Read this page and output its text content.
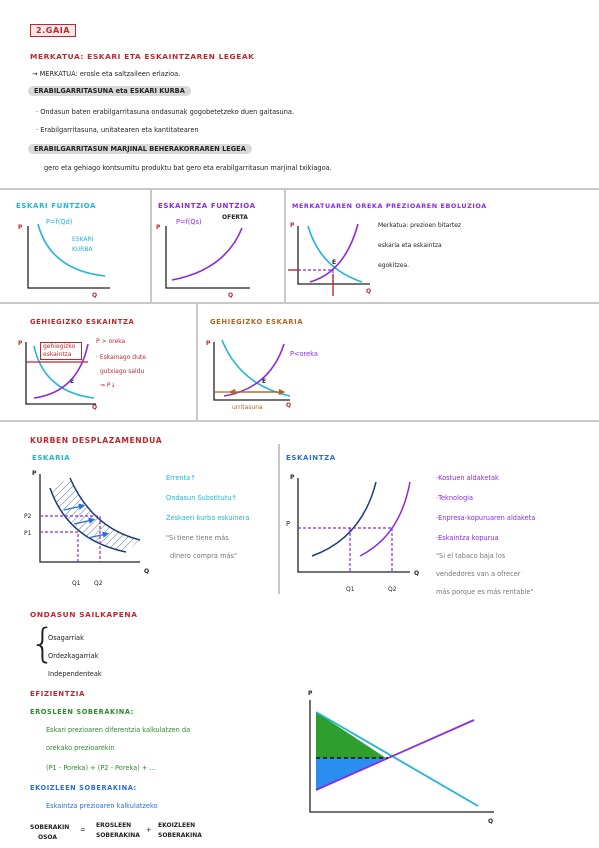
2.GAIA
MERKATUA: ESKARI ETA ESKAINTZAREN LEGEAK
→ MERKATUA: erosle eta saltzaileen erlazioa.
ERABILGARRITASUNA eta ESKARI KURBA
· Ondasun baten erabilgarritasuna ondasunak gogobetetzeko duen gaitasuna.
· Erabilgarritasuna, unitatearen eta kantitatearen
ERABILGARRITASUN MARJINAL BEHERAKORRAREN LEGEA
gero eta gehiago kontsumitu produktu bat gero eta erabilgarritasun marjinal txikiagoa.
ESKARI FUNTZIOA
P=f(Qd)
ESKARI
KURBA
P
Q
ESKAINTZA FUNTZIOA
P=f(Qs)
OFERTA
P
Q
MERKATUAREN OREKA PREZIOAREN EBOLUZIOA
Merkatua: prezioen bitartez
eskaria eta eskaintza
egokitzea.
P
Q
E
GEHIEGIZKO ESKAINTZA
gehiegizko eskaintza
P > oreka
· Eskainago dute
gutxiago saldu
⇒ P↓
P
Q
E
GEHIEGIZKO ESKARIA
P<oreka
urritasuna
P
Q
E
KURBEN DESPLAZAMENDUA
ESKARIA
Errenta↑
Ondasun Substitutu↑
Zeskaeri kurba eskuinera
"Si tiene tiene más
dinero compra más"
P
P2
P1
Q1 Q2
Q
ESKAINTZA
·Kostuen aldaketak
·Teknologia
·Enpresa-kopuruaren aldaketa
·Eskaintza kopurua
"Si el tabaco baja los
vendedores van a ofrecer
más porque es más rentable"
P
P
Q1	Q2
Q
ONDASUN SAILKAPENA
{
Osagarriak
Ordezkagarriak
Independenteak
EFIZIENTZIA
EROSLEEN SOBERAKINA:
Eskari prezioaren diferentzia kalkulatzen da
orekako prezioarekin
(P1 - Poreka) + (P2 - Poreka) + ...
EKOIZLEEN SOBERAKINA:
Eskaintza prezioaren kalkulatzeko
SOBERAKIN
OSOA
=
EROSLEEN
SOBERAKINA
+
EKOIZLEEN
SOBERAKINA
P
Q
